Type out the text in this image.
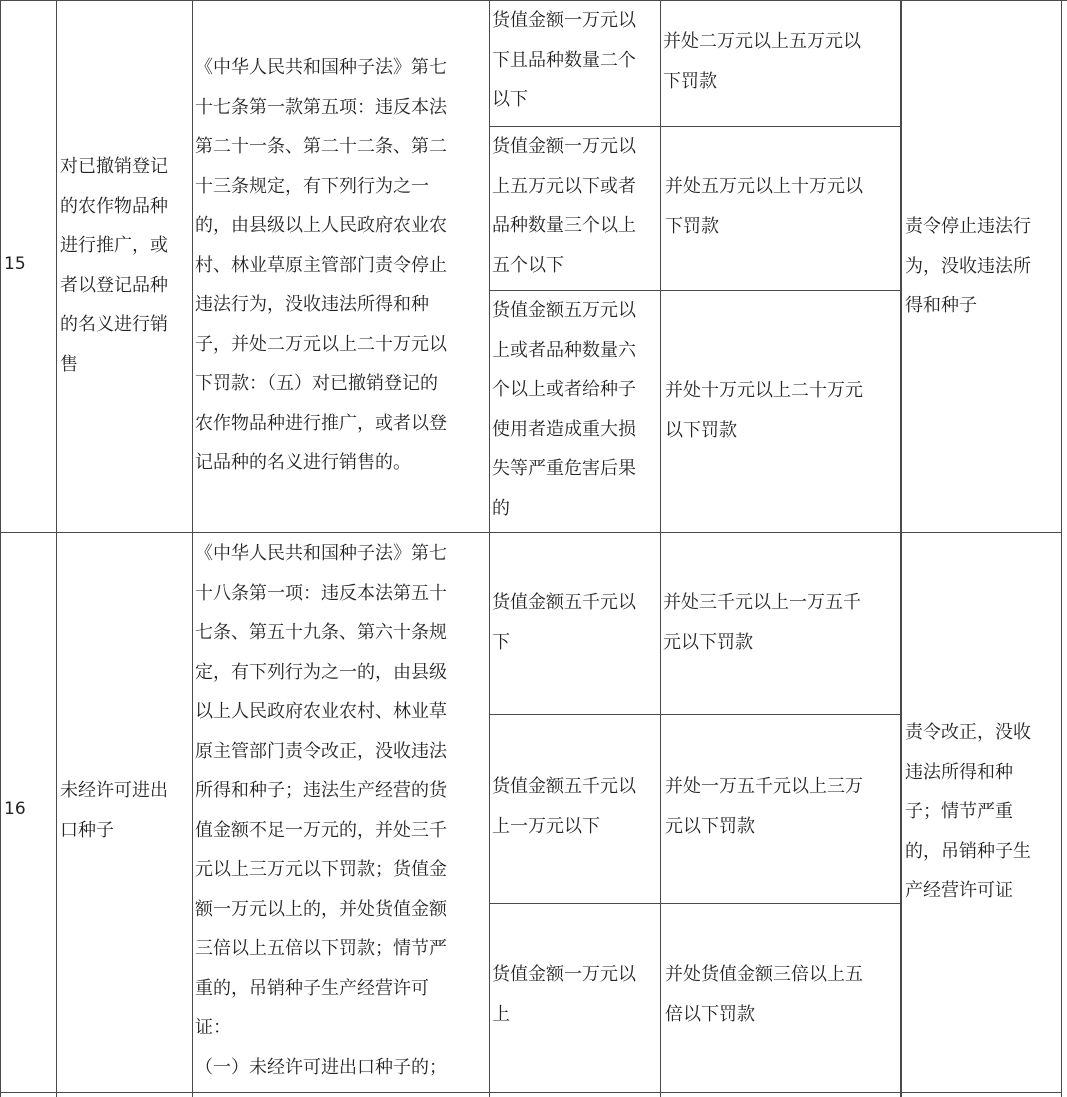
15
对已撤销登记
的农作物品种
进行推广，或
者以登记品种
的名义进行销
售
《中华人民共和国种子法》第七
十七条第一款第五项：违反本法
第二十一条、第二十二条、第二
十三条规定，有下列行为之一
的，由县级以上人民政府农业农
村、林业草原主管部门责令停止
违法行为，没收违法所得和种
子，并处二万元以上二十万元以
下罚款：（五）对已撤销登记的
农作物品种进行推广，或者以登
记品种的名义进行销售的。
货值金额一万元以
下且品种数量二个
以下
并处二万元以上五万元以
下罚款
货值金额一万元以
上五万元以下或者
品种数量三个以上
五个以下
并处五万元以上十万元以
下罚款
货值金额五万元以
上或者品种数量六
个以上或者给种子
使用者造成重大损
失等严重危害后果
的
并处十万元以上二十万元
以下罚款
责令停止违法行
为，没收违法所
得和种子
16
未经许可进出
口种子
《中华人民共和国种子法》第七
十八条第一项：违反本法第五十
七条、第五十九条、第六十条规
定，有下列行为之一的，由县级
以上人民政府农业农村、林业草
原主管部门责令改正，没收违法
所得和种子；违法生产经营的货
值金额不足一万元的，并处三千
元以上三万元以下罚款；货值金
额一万元以上的，并处货值金额
三倍以上五倍以下罚款；情节严
重的，吊销种子生产经营许可
证：
（一）未经许可进出口种子的；
货值金额五千元以
下
并处三千元以上一万五千
元以下罚款
货值金额五千元以
上一万元以下
并处一万五千元以上三万
元以下罚款
货值金额一万元以
上
并处货值金额三倍以上五
倍以下罚款
责令改正，没收
违法所得和种
子；情节严重
的，吊销种子生
产经营许可证
